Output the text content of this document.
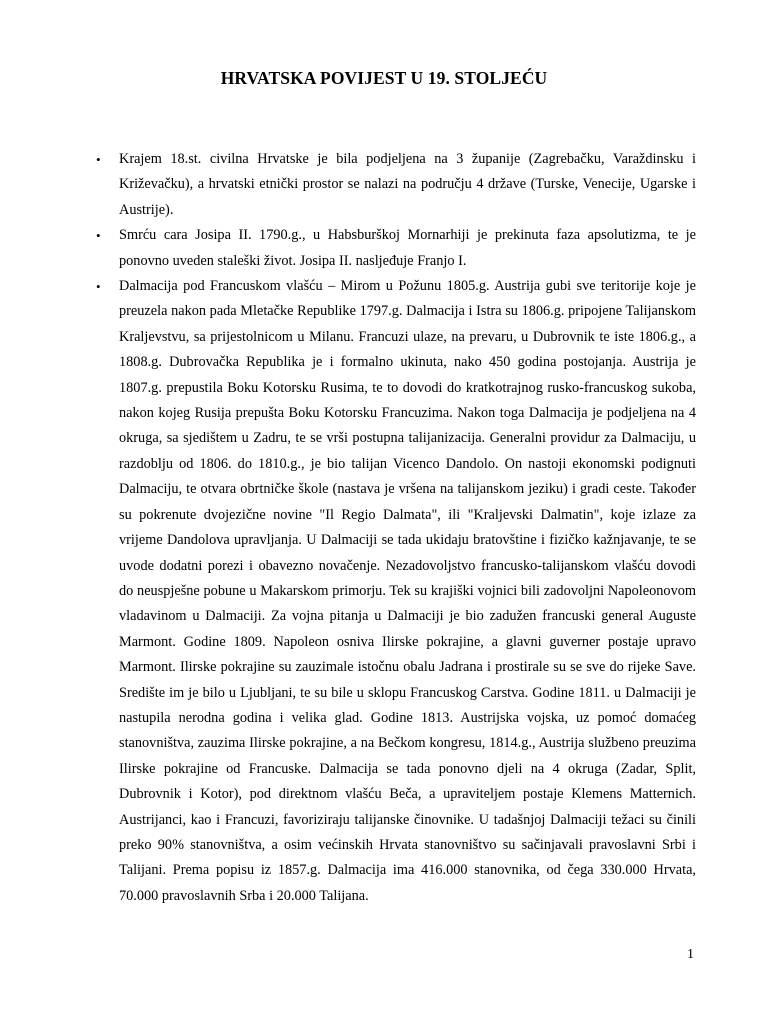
HRVATSKA POVIJEST U 19. STOLJEĆU
•	Krajem 18.st. civilna Hrvatske je bila podjeljena na 3 županije (Zagrebačku, Varaždinsku i Križevačku), a hrvatski etnički prostor se nalazi na području 4 države (Turske, Venecije, Ugarske i Austrije).
•	Smrću cara Josipa II. 1790.g., u Habsburškoj Mornarhiji je prekinuta faza apsolutizma, te je ponovno uveden staleški život. Josipa II. nasljeđuje Franjo I.
•	Dalmacija pod Francuskom vlašću – Mirom u Požunu 1805.g. Austrija gubi sve teritorije koje je preuzela nakon pada Mletačke Republike 1797.g. Dalmacija i Istra su 1806.g. pripojene Talijanskom Kraljevstvu, sa prijestolnicom u Milanu. Francuzi ulaze, na prevaru, u Dubrovnik te iste 1806.g., a 1808.g. Dubrovačka Republika je i formalno ukinuta, nako 450 godina postojanja. Austrija je 1807.g. prepustila Boku Kotorsku Rusima, te to dovodi do kratkotrajnog rusko-francuskog sukoba, nakon kojeg Rusija prepušta Boku Kotorsku Francuzima. Nakon toga Dalmacija je podjeljena na 4 okruga, sa sjedištem u Zadru, te se vrši postupna talijanizacija. Generalni providur za Dalmaciju, u razdoblju od 1806. do 1810.g., je bio talijan Vicenco Dandolo. On nastoji ekonomski podignuti Dalmaciju, te otvara obrtničke škole (nastava je vršena na talijanskom jeziku) i gradi ceste. Također su pokrenute dvojezične novine "Il Regio Dalmata", ili "Kraljevski Dalmatin", koje izlaze za vrijeme Dandolova upravljanja. U Dalmaciji se tada ukidaju bratovštine i fizičko kažnjavanje, te se uvode dodatni porezi i obavezno novačenje. Nezadovoljstvo francusko-talijanskom vlašću dovodi do neuspješne pobune u Makarskom primorju. Tek su krajiški vojnici bili zadovoljni Napoleonovom vladavinom u Dalmaciji. Za vojna pitanja u Dalmaciji je bio zadužen francuski general Auguste Marmont. Godine 1809. Napoleon osniva Ilirske pokrajine, a glavni guverner postaje upravo Marmont. Ilirske pokrajine su zauzimale istočnu obalu Jadrana i prostirale su se sve do rijeke Save. Središte im je bilo u Ljubljani, te su bile u sklopu Francuskog Carstva. Godine 1811. u Dalmaciji je nastupila nerodna godina i velika glad. Godine 1813. Austrijska vojska, uz pomoć domaćeg stanovništva, zauzima Ilirske pokrajine, a na Bečkom kongresu, 1814.g., Austrija službeno preuzima Ilirske pokrajine od Francuske. Dalmacija se tada ponovno djeli na 4 okruga (Zadar, Split, Dubrovnik i Kotor), pod direktnom vlašću Beča, a upraviteljem postaje Klemens Matternich. Austrijanci, kao i Francuzi, favoriziraju talijanske činovnike. U tadašnjoj Dalmaciji težaci su činili preko 90% stanovništva, a osim većinskih Hrvata stanovništvo su sačinjavali pravoslavni Srbi i Talijani. Prema popisu iz 1857.g. Dalmacija ima 416.000 stanovnika, od čega 330.000 Hrvata, 70.000 pravoslavnih Srba i 20.000 Talijana.
1
